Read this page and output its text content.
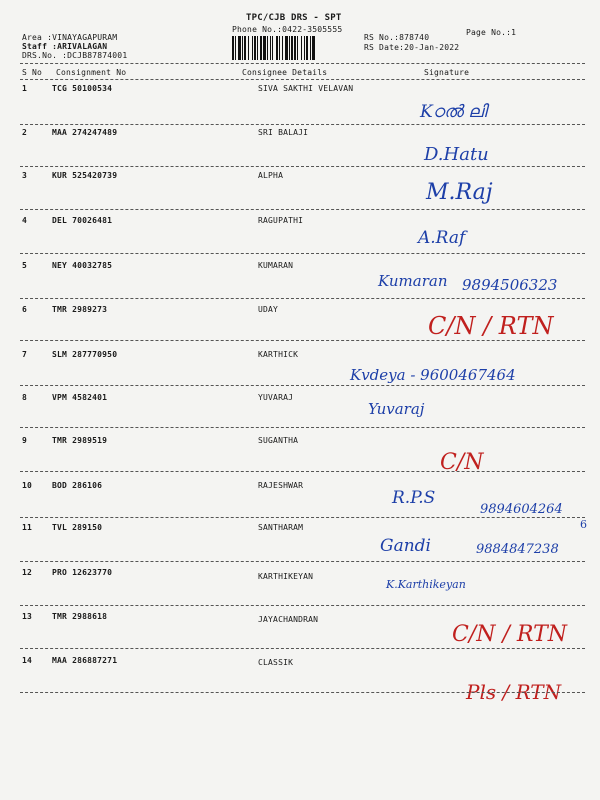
TPC/CJB DRS - SPT
Phone No.:0422-3505555	Page No.:1
Area :VINAYAGAPURAM
Staff :ARIVALAGAN
DRS.No. :DCJB87874001
RS No.:878740
RS Date:20-Jan-2022
S No Consignment No	Consignee Details	Signature
1	TCG 50100534	SIVA SAKTHI VELAVAN
Kഠൽ ലി
2	MAA 274247489	SRI BALAJI
D.Hatu
3	KUR 525420739	ALPHA
M.Raj
4	DEL 70026481	RAGUPATHI
A.Raf
5	NEY 40032785	KUMARAN
Kumaran 9894506323
6	TMR 2989273	UDAY
C/N / RTN
7	SLM 287770950	KARTHICK
Kvdeya - 9600467464
8	VPM 4582401	YUVARAJ
Yuvaraj
9	TMR 2989519	SUGANTHA
C/N
10 BOD 286106	RAJESHWAR
R.P.S
9894604264
6
11 TVL 289150	SANTHARAM
Gandi	9884847238
12 PRO 12623770	KARTHIKEYAN
K.Karthikeyan
13 TMR 2988618	JAYACHANDRAN
C/N / RTN
14 MAA 286887271	CLASSIK
Pls / RTN
